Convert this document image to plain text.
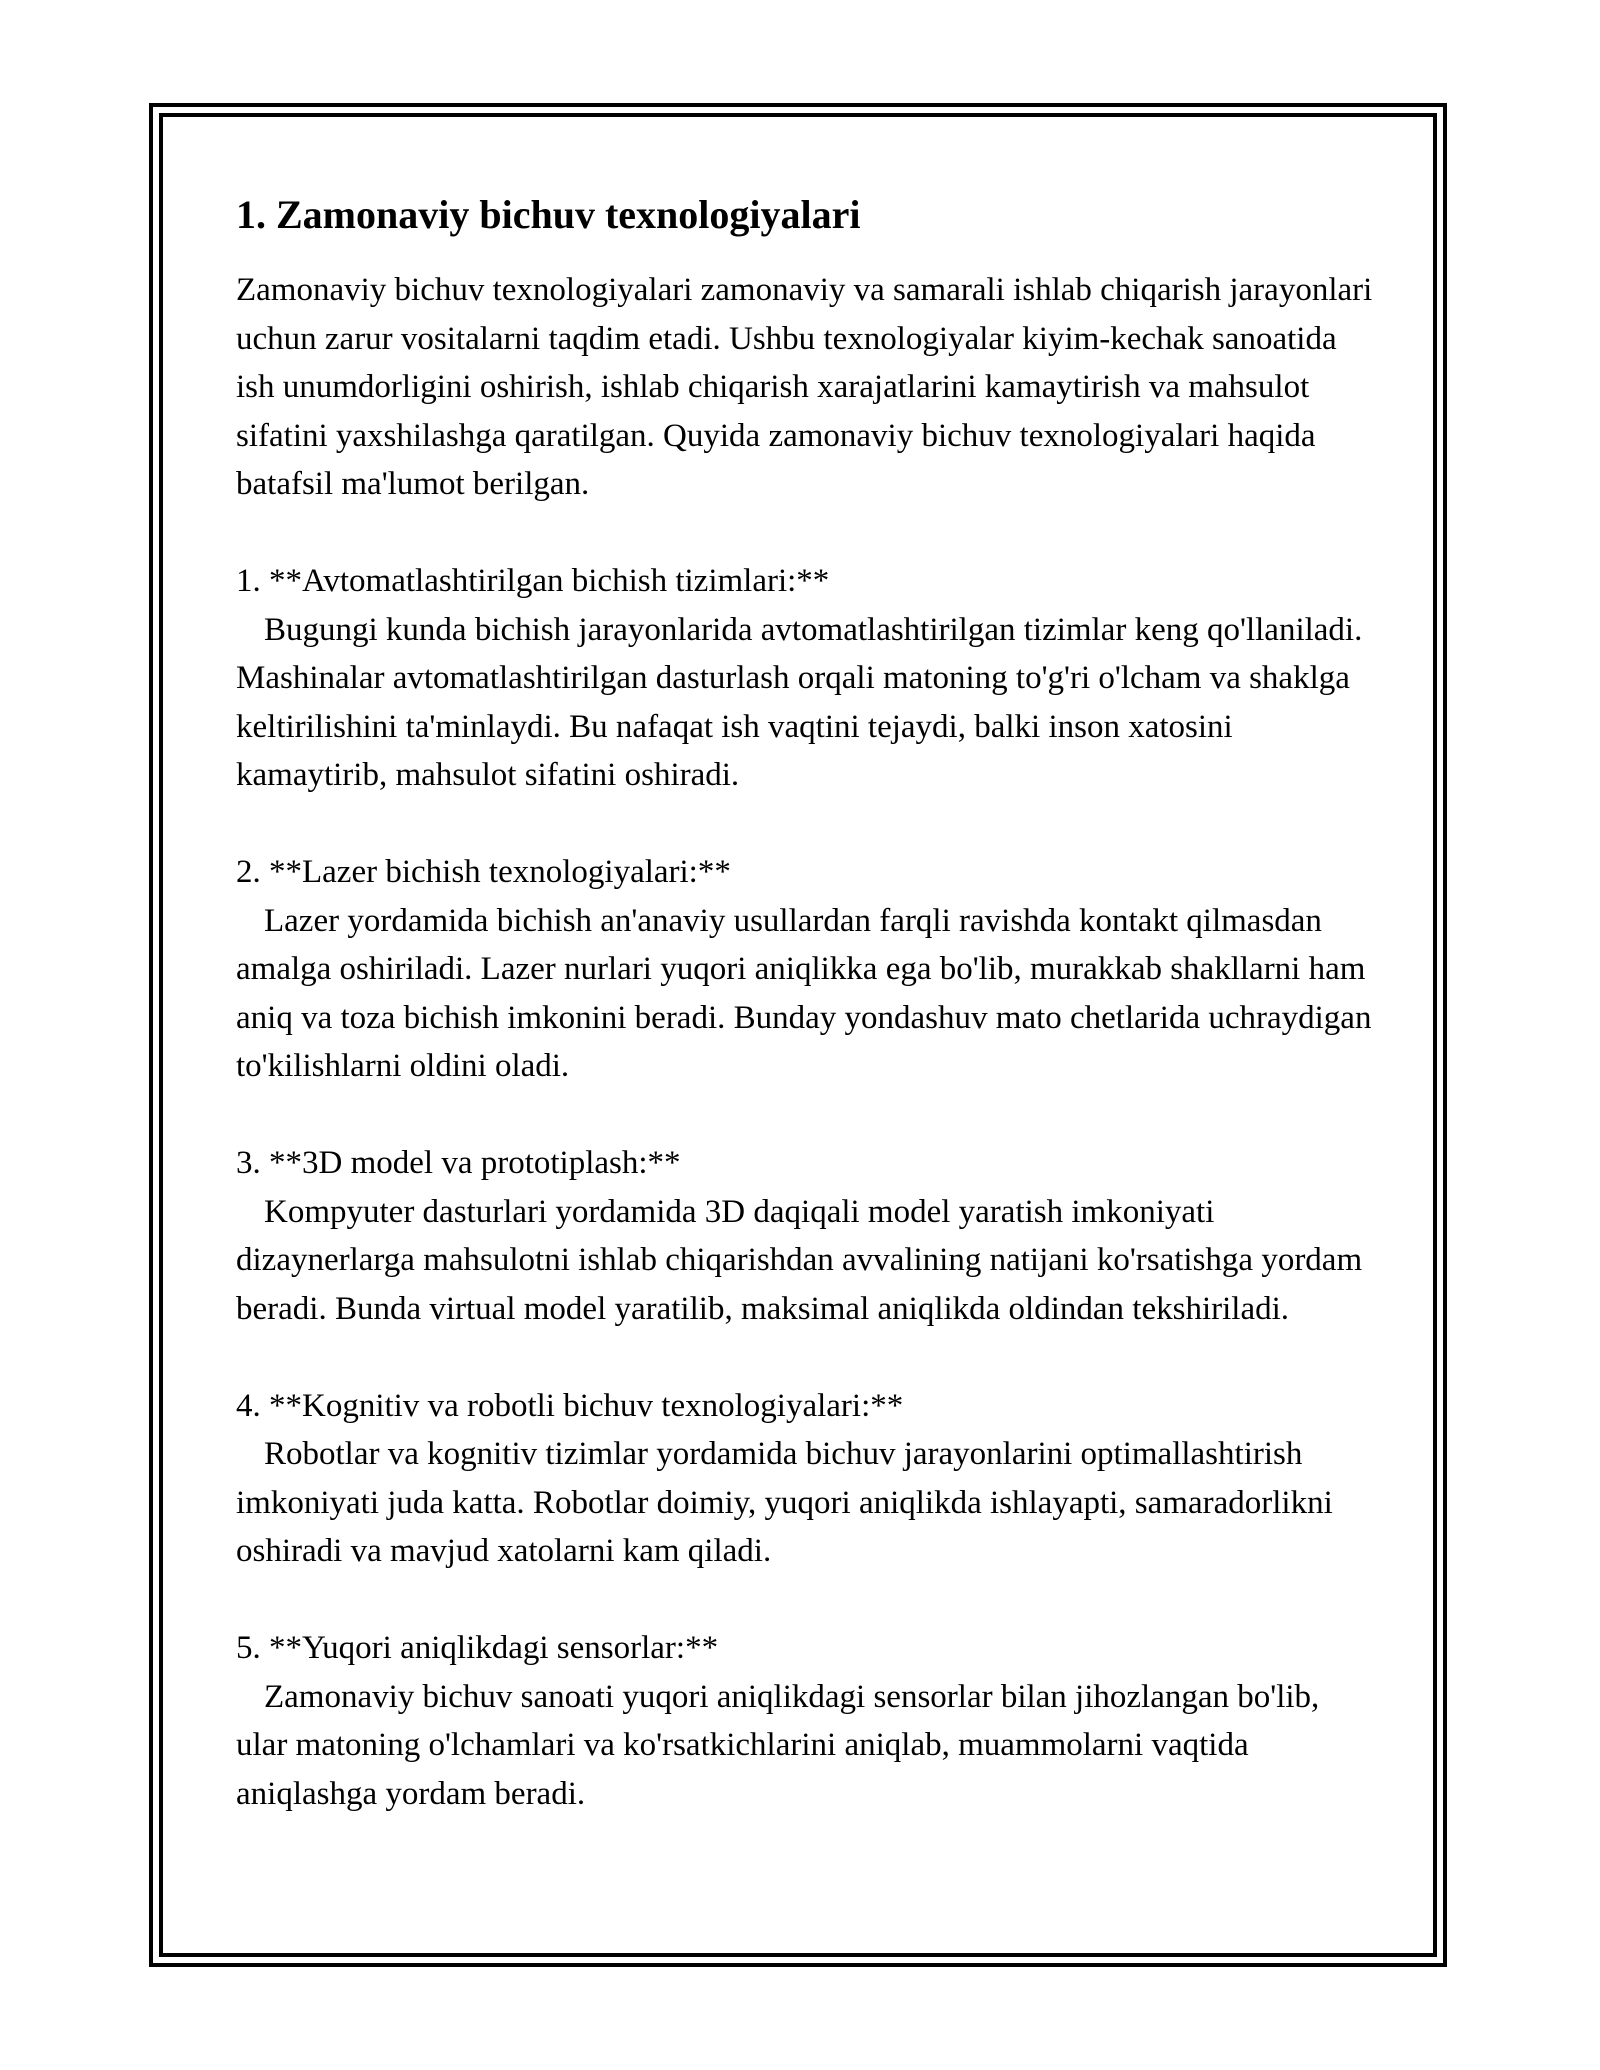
1. Zamonaviy bichuv texnologiyalari

Zamonaviy bichuv texnologiyalari zamonaviy va samarali ishlab chiqarish jarayonlari uchun zarur vositalarni taqdim etadi. Ushbu texnologiyalar kiyim-kechak sanoatida ish unumdorligini oshirish, ishlab chiqarish xarajatlarini kamaytirish va mahsulot sifatini yaxshilashga qaratilgan. Quyida zamonaviy bichuv texnologiyalari haqida batafsil ma'lumot berilgan.

1. **Avtomatlashtirilgan bichish tizimlari:**

Bugungi kunda bichish jarayonlarida avtomatlashtirilgan tizimlar keng qo'llaniladi. Mashinalar avtomatlashtirilgan dasturlash orqali matoning to'g'ri o'lcham va shaklga keltirilishini ta'minlaydi. Bu nafaqat ish vaqtini tejaydi, balki inson xatosini kamaytirib, mahsulot sifatini oshiradi.

2. **Lazer bichish texnologiyalari:**

Lazer yordamida bichish an'anaviy usullardan farqli ravishda kontakt qilmasdan amalga oshiriladi. Lazer nurlari yuqori aniqlikka ega bo'lib, murakkab shakllarni ham aniq va toza bichish imkonini beradi. Bunday yondashuv mato chetlarida uchraydigan to'kilishlarni oldini oladi.

3. **3D model va prototiplash:**

Kompyuter dasturlari yordamida 3D daqiqali model yaratish imkoniyati dizaynerlarga mahsulotni ishlab chiqarishdan avvalining natijani ko'rsatishga yordam beradi. Bunda virtual model yaratilib, maksimal aniqlikda oldindan tekshiriladi.

4. **Kognitiv va robotli bichuv texnologiyalari:**

Robotlar va kognitiv tizimlar yordamida bichuv jarayonlarini optimallashtirish imkoniyati juda katta. Robotlar doimiy, yuqori aniqlikda ishlayapti, samaradorlikni oshiradi va mavjud xatolarni kam qiladi.

5. **Yuqori aniqlikdagi sensorlar:**

Zamonaviy bichuv sanoati yuqori aniqlikdagi sensorlar bilan jihozlangan bo'lib, ular matoning o'lchamlari va ko'rsatkichlarini aniqlab, muammolarni vaqtida aniqlashga yordam beradi.
